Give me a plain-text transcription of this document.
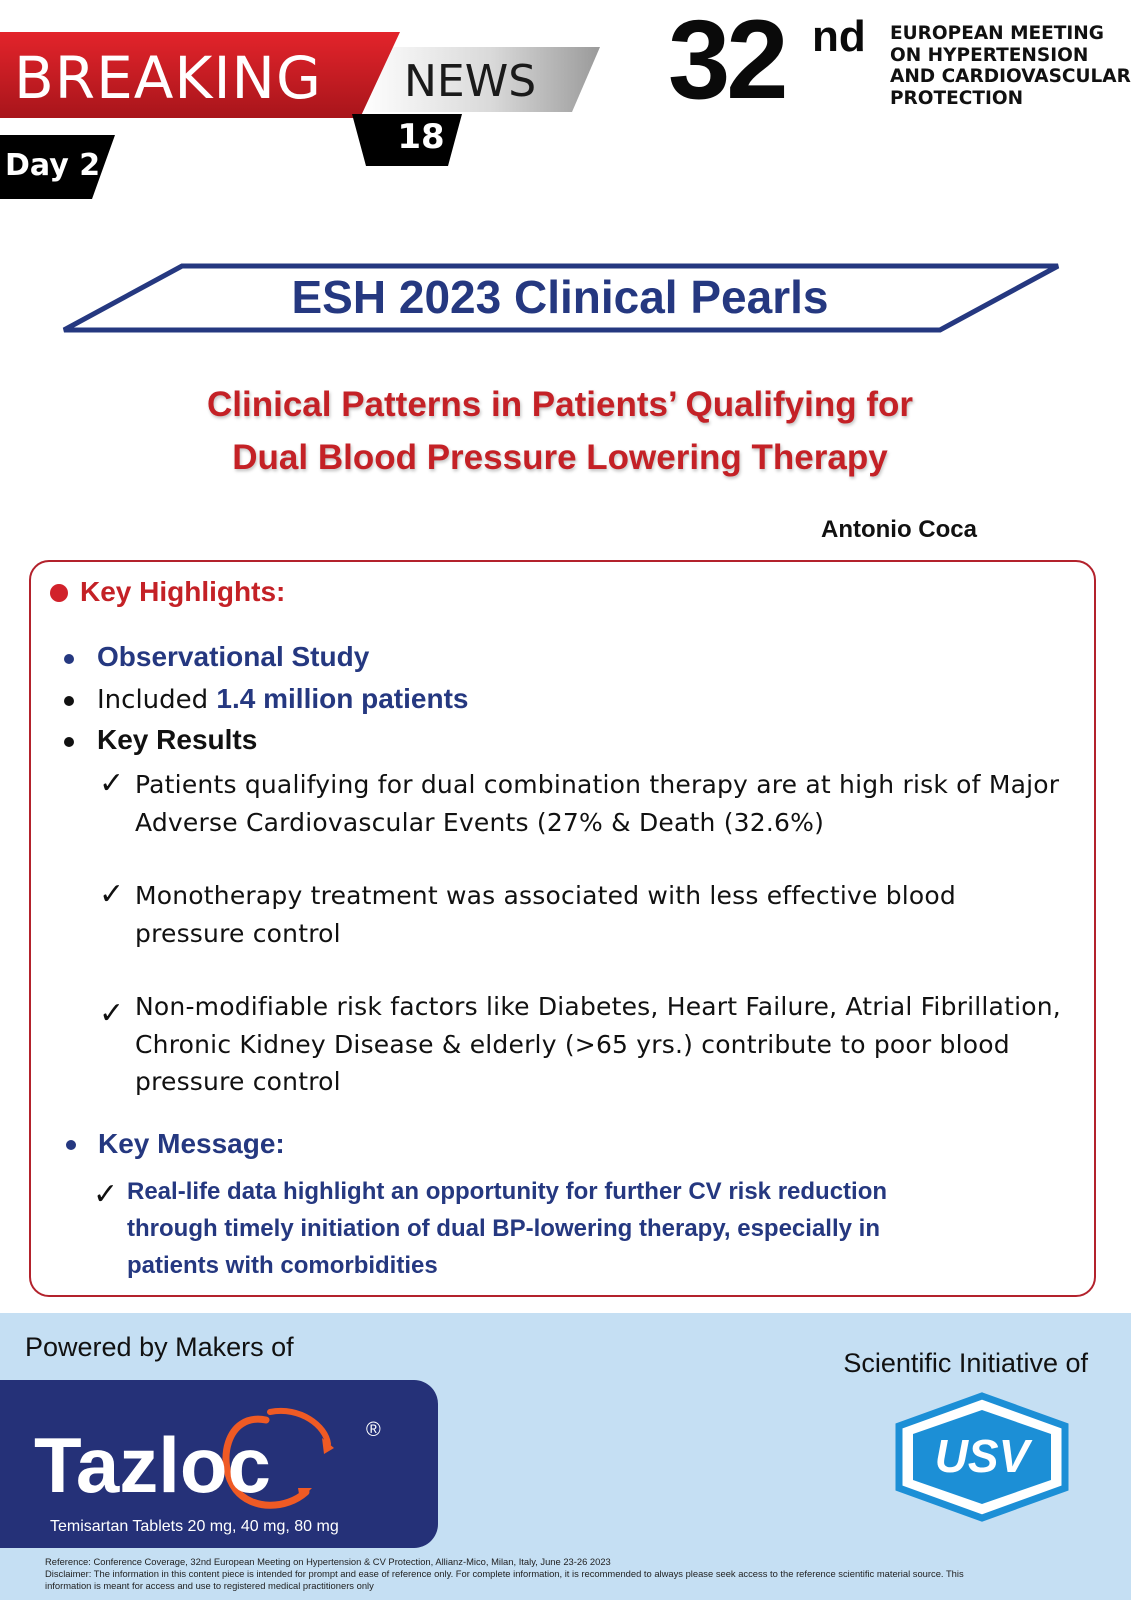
BREAKING NEWS
18
Day 2
32 nd EUROPEAN MEETING
ON HYPERTENSION
AND CARDIOVASCULAR
PROTECTION
ESH 2023 Clinical Pearls
Clinical Patterns in Patients’ Qualifying for
Dual Blood Pressure Lowering Therapy
Antonio Coca
Key Highlights:
Observational Study
Included 1.4 million patients
Key Results
✓ Patients qualifying for dual combination therapy are at high risk of Major
Adverse Cardiovascular Events (27% & Death (32.6%)
✓ Monotherapy treatment was associated with less effective blood
pressure control
✓ Non-modifiable risk factors like Diabetes, Heart Failure, Atrial Fibrillation,
Chronic Kidney Disease & elderly (>65 yrs.) contribute to poor blood
pressure control
Key Message:
✓ Real-life data highlight an opportunity for further CV risk reduction
through timely initiation of dual BP-lowering therapy, especially in
patients with comorbidities
Powered by Makers of
Scientific Initiative of
Tazloc	®
Temisartan Tablets 20 mg, 40 mg, 80 mg
USV
Reference: Conference Coverage, 32nd European Meeting on Hypertension & CV Protection, Allianz-Mico, Milan, Italy, June 23-26 2023
Disclaimer: The information in this content piece is intended for prompt and ease of reference only. For complete information, it is recommended to always please seek access to the reference scientific material source. This
information is meant for access and use to registered medical practitioners only
